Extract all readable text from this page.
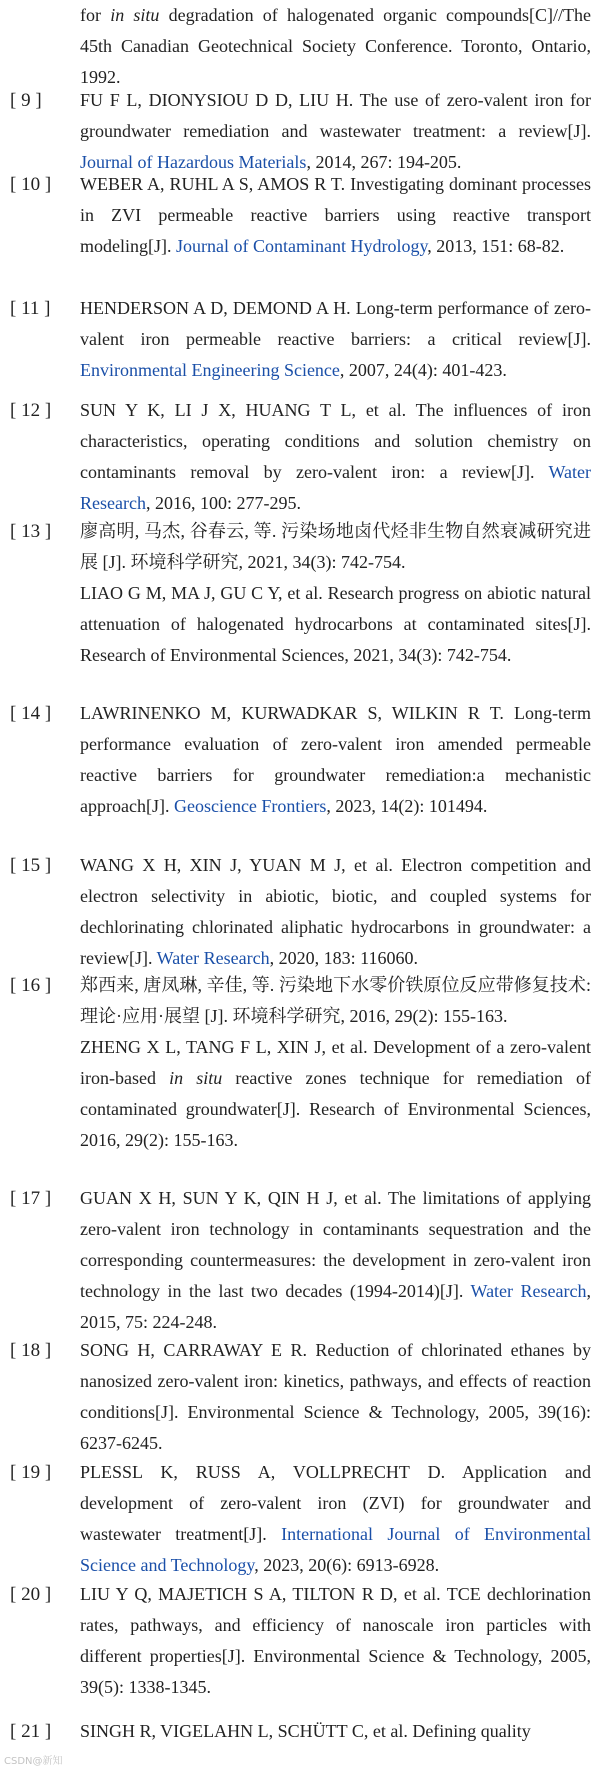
for in situ degradation of halogenated organic compounds[C]//The 45th Canadian Geotechnical Society Conference. Toronto, Ontario, 1992.

[ 9 ]	FU F L, DIONYSIOU D D, LIU H. The use of zero-valent iron for groundwater remediation and wastewater treatment: a review[J]. Journal of Hazardous Materials, 2014, 267: 194-205.

[ 10 ]	WEBER A, RUHL A S, AMOS R T. Investigating dominant processes in ZVI permeable reactive barriers using reactive transport modeling[J]. Journal of Contaminant Hydrology, 2013, 151: 68-82.

[ 11 ]	HENDERSON A D, DEMOND A H. Long-term performance of zero-valent iron permeable reactive barriers: a critical review[J]. Environmental Engineering Science, 2007, 24(4): 401-423.

[ 12 ]	SUN Y K, LI J X, HUANG T L, et al. The influences of iron characteristics, operating conditions and solution chemistry on contaminants removal by zero-valent iron: a review[J]. Water Research, 2016, 100: 277-295.

[ 13 ]	廖高明, 马杰, 谷春云, 等. 污染场地卤代烃非生物自然衰减研究进展 [J]. 环境科学研究, 2021, 34(3): 742-754.

LIAO G M, MA J, GU C Y, et al. Research progress on abiotic natural attenuation of halogenated hydrocarbons at contaminated sites[J]. Research of Environmental Sciences, 2021, 34(3): 742-754.

[ 14 ]	LAWRINENKO M, KURWADKAR S, WILKIN R T. Long-term performance evaluation of zero-valent iron amended permeable reactive barriers for groundwater remediation:a mechanistic approach[J]. Geoscience Frontiers, 2023, 14(2): 101494.

[ 15 ]	WANG X H, XIN J, YUAN M J, et al. Electron competition and electron selectivity in abiotic, biotic, and coupled systems for dechlorinating chlorinated aliphatic hydrocarbons in groundwater: a review[J]. Water Research, 2020, 183: 116060.

[ 16 ]	郑西来, 唐凤琳, 辛佳, 等. 污染地下水零价铁原位反应带修复技术: 理论·应用·展望 [J]. 环境科学研究, 2016, 29(2): 155-163.

ZHENG X L, TANG F L, XIN J, et al. Development of a zero-valent iron-based in situ reactive zones technique for remediation of contaminated groundwater[J]. Research of Environmental Sciences, 2016, 29(2): 155-163.

[ 17 ]	GUAN X H, SUN Y K, QIN H J, et al. The limitations of applying zero-valent iron technology in contaminants sequestration and the corresponding countermeasures: the development in zero-valent iron technology in the last two decades (1994-2014)[J]. Water Research, 2015, 75: 224-248.

[ 18 ]	SONG H, CARRAWAY E R. Reduction of chlorinated ethanes by nanosized zero-valent iron: kinetics, pathways, and effects of reaction conditions[J]. Environmental Science & Technology, 2005, 39(16): 6237-6245.

[ 19 ]	PLESSL K, RUSS A, VOLLPRECHT D. Application and development of zero-valent iron (ZVI) for groundwater and wastewater treatment[J]. International Journal of Environmental Science and Technology, 2023, 20(6): 6913-6928.

[ 20 ]	LIU Y Q, MAJETICH S A, TILTON R D, et al. TCE dechlorination rates, pathways, and efficiency of nanoscale iron particles with different properties[J]. Environmental Science & Technology, 2005, 39(5): 1338-1345.

[ 21 ]	SINGH R, VIGELAHN L, SCHÜTT C, et al. Defining quality

CSDN@新知
